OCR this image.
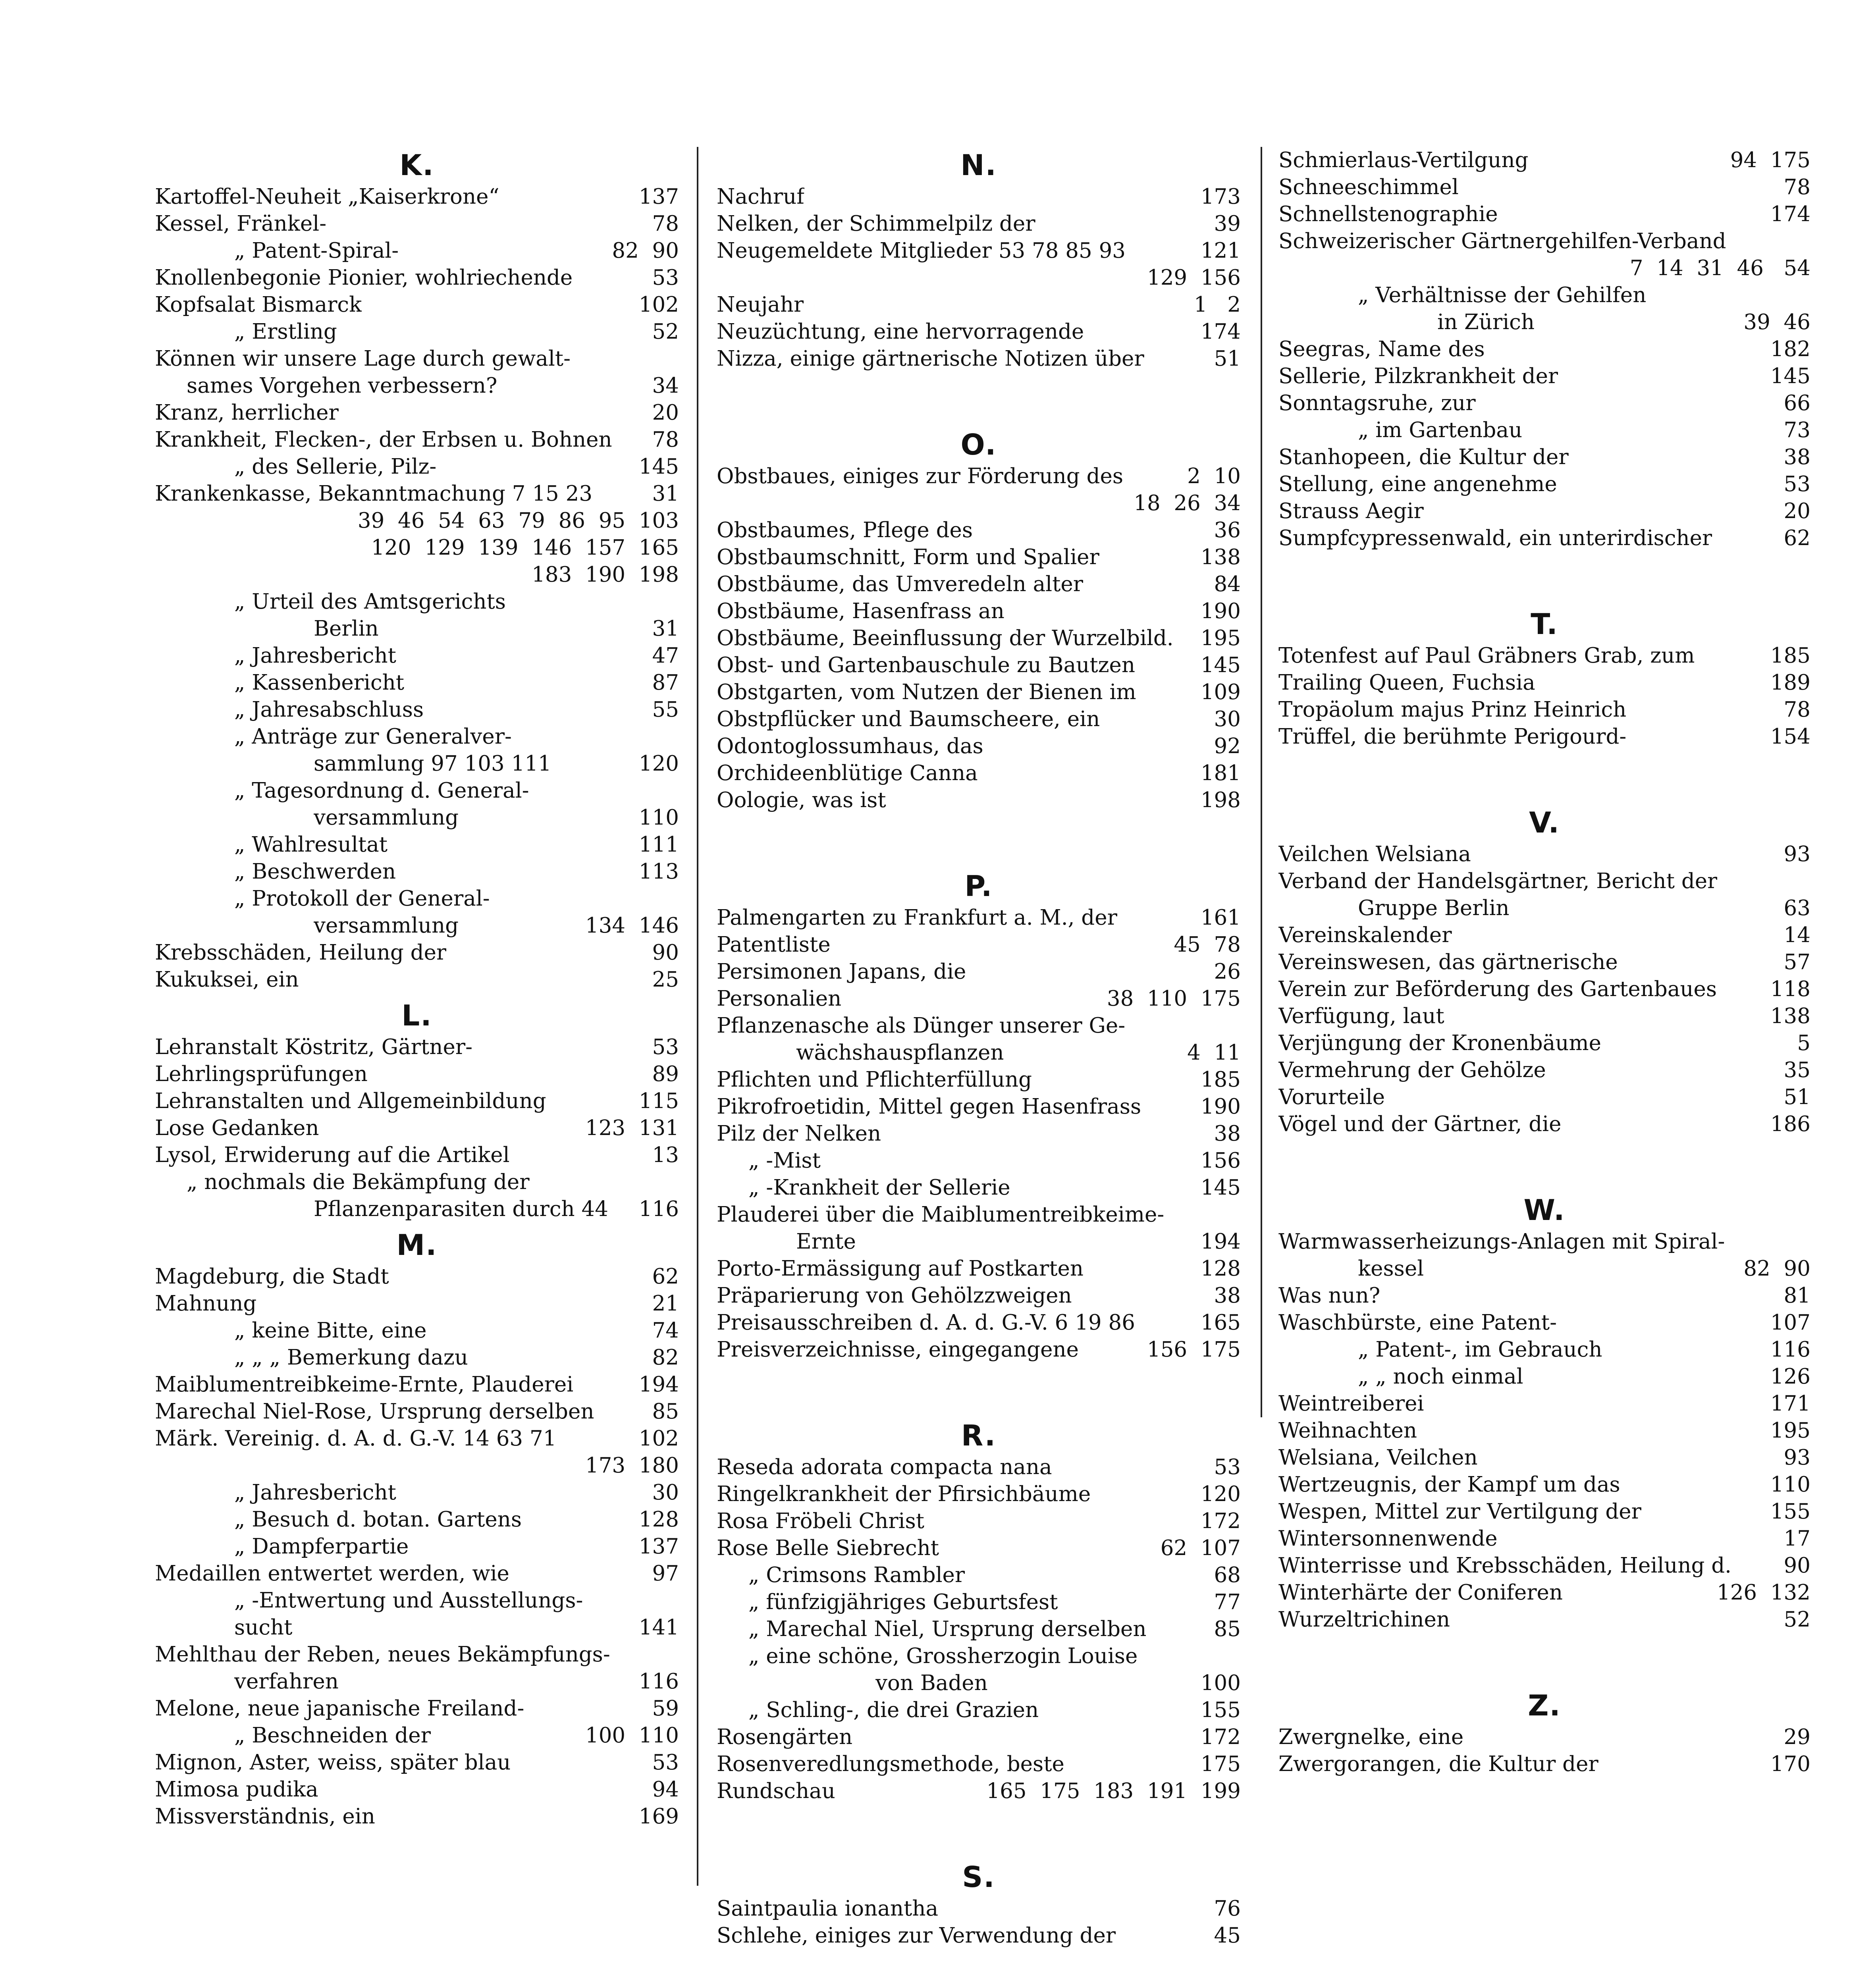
K.
Kartoffel-Neuheit „Kaiserkrone“	137
Kessel, Fränkel-	78
„ Patent-Spiral-	82  90
Knollenbegonie Pionier, wohlriechende	53
Kopfsalat Bismarck	102
„ Erstling	52
Können wir unsere Lage durch gewalt-
sames Vorgehen verbessern?	34
Kranz, herrlicher	20
Krankheit, Flecken-, der Erbsen u. Bohnen 78
„ des Sellerie, Pilz-	145
Krankenkasse, Bekanntmachung 7 15 23	31
39  46  54  63  79  86  95  103
120  129  139  146  157  165
183  190  198
„ Urteil des Amtsgerichts
Berlin	31
„ Jahresbericht	47
„ Kassenbericht	87
„ Jahresabschluss	55
„ Anträge zur Generalver-
sammlung 97 103 111	120
„ Tagesordnung d. General-
versammlung	110
„ Wahlresultat	111
„ Beschwerden	113
„ Protokoll der General-
versammlung	134  146
Krebsschäden, Heilung der	90
Kukuksei, ein	25
L.
Lehranstalt Köstritz, Gärtner-	53
Lehrlingsprüfungen	89
Lehranstalten und Allgemeinbildung	115
Lose Gedanken	123  131
Lysol, Erwiderung auf die Artikel	13
„ nochmals die Bekämpfung der
Pflanzenparasiten durch 44 116
M.
Magdeburg, die Stadt	62
Mahnung	21
„ keine Bitte, eine	74
„ „ „ Bemerkung dazu	82
Maiblumentreibkeime-Ernte, Plauderei	194
Marechal Niel-Rose, Ursprung derselben	85
Märk. Vereinig. d. A. d. G.-V. 14 63 71	102
173  180
„ Jahresbericht	30
„ Besuch d. botan. Gartens	128
„ Dampferpartie	137
Medaillen entwertet werden, wie	97
„ -Entwertung und Ausstellungs-
sucht	141
Mehlthau der Reben, neues Bekämpfungs-
verfahren	116
Melone, neue japanische Freiland-	59
„ Beschneiden der	100  110
Mignon, Aster, weiss, später blau	53
Mimosa pudika	94
Missverständnis, ein	169
N.
Nachruf	173
Nelken, der Schimmelpilz der	39
Neugemeldete Mitglieder 53 78 85 93	121
129  156
Neujahr	1   2
Neuzüchtung, eine hervorragende	174
Nizza, einige gärtnerische Notizen über	51
O.
Obstbaues, einiges zur Förderung des	2  10
18  26  34
Obstbaumes, Pflege des	36
Obstbaumschnitt, Form und Spalier	138
Obstbäume, das Umveredeln alter	84
Obstbäume, Hasenfrass an	190
Obstbäume, Beeinflussung der Wurzelbild. 195
Obst- und Gartenbauschule zu Bautzen	145
Obstgarten, vom Nutzen der Bienen im	109
Obstpflücker und Baumscheere, ein	30
Odontoglossumhaus, das	92
Orchideenblütige Canna	181
Oologie, was ist	198
P.
Palmengarten zu Frankfurt a. M., der	161
Patentliste	45  78
Persimonen Japans, die	26
Personalien	38  110  175
Pflanzenasche als Dünger unserer Ge-
wächshauspflanzen	4  11
Pflichten und Pflichterfüllung	185
Pikrofroetidin, Mittel gegen Hasenfrass	190
Pilz der Nelken	38
„ -Mist	156
„ -Krankheit der Sellerie	145
Plauderei über die Maiblumentreibkeime-
Ernte	194
Porto-Ermässigung auf Postkarten	128
Präparierung von Gehölzzweigen	38
Preisausschreiben d. A. d. G.-V. 6 19 86	165
Preisverzeichnisse, eingegangene	156  175
R.
Reseda adorata compacta nana	53
Ringelkrankheit der Pfirsichbäume	120
Rosa Fröbeli Christ	172
Rose Belle Siebrecht	62  107
„ Crimsons Rambler	68
„ fünfzigjähriges Geburtsfest	77
„ Marechal Niel, Ursprung derselben	85
„ eine schöne, Grossherzogin Louise
von Baden	100
„ Schling-, die drei Grazien	155
Rosengärten	172
Rosenveredlungsmethode, beste	175
Rundschau	165  175  183  191  199
S.
Saintpaulia ionantha	76
Schlehe, einiges zur Verwendung der	45
Schmierlaus-Vertilgung	94  175
Schneeschimmel	78
Schnellstenographie	174
Schweizerischer Gärtnergehilfen-Verband
7  14  31  46   54
„ Verhältnisse der Gehilfen
in Zürich	39  46
Seegras, Name des	182
Sellerie, Pilzkrankheit der	145
Sonntagsruhe, zur	66
„ im Gartenbau	73
Stanhopeen, die Kultur der	38
Stellung, eine angenehme	53
Strauss Aegir	20
Sumpfcypressenwald, ein unterirdischer	62
T.
Totenfest auf Paul Gräbners Grab, zum	185
Trailing Queen, Fuchsia	189
Tropäolum majus Prinz Heinrich	78
Trüffel, die berühmte Perigourd-	154
V.
Veilchen Welsiana	93
Verband der Handelsgärtner, Bericht der
Gruppe Berlin	63
Vereinskalender	14
Vereinswesen, das gärtnerische	57
Verein zur Beförderung des Gartenbaues	118
Verfügung, laut	138
Verjüngung der Kronenbäume	5
Vermehrung der Gehölze	35
Vorurteile	51
Vögel und der Gärtner, die	186
W.
Warmwasserheizungs-Anlagen mit Spiral-
kessel	82  90
Was nun?	81
Waschbürste, eine Patent-	107
„ Patent-, im Gebrauch	116
„ „ noch einmal	126
Weintreiberei	171
Weihnachten	195
Welsiana, Veilchen	93
Wertzeugnis, der Kampf um das	110
Wespen, Mittel zur Vertilgung der	155
Wintersonnenwende	17
Winterrisse und Krebsschäden, Heilung d. 90
Winterhärte der Coniferen	126  132
Wurzeltrichinen	52
Z.
Zwergnelke, eine	29
Zwergorangen, die Kultur der	170
